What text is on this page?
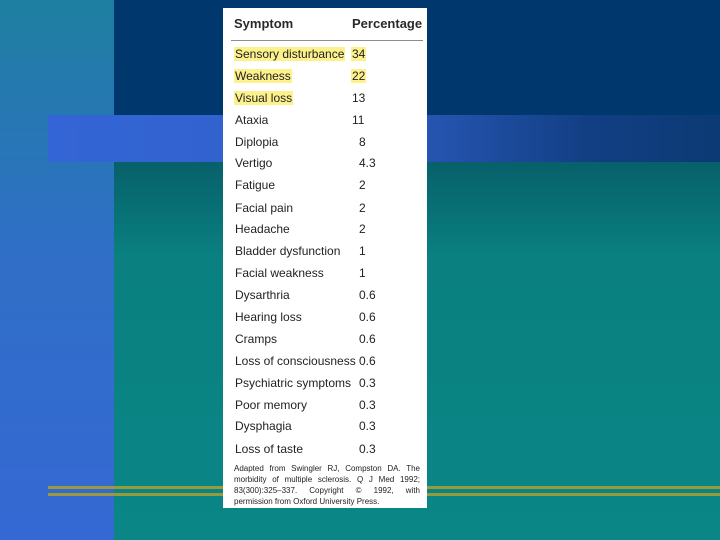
Symptom	Percentage
Sensory disturbance 34
Weakness	22
Visual loss	13
Ataxia	11
Diplopia	8
Vertigo	4.3
Fatigue	2
Facial pain	2
Headache	2
Bladder dysfunction 1
Facial weakness	1
Dysarthria	0.6
Hearing loss	0.6
Cramps	0.6
Loss of consciousness 0.6
Psychiatric symptoms 0.3
Poor memory	0.3
Dysphagia	0.3
Loss of taste	0.3
Adapted from Swingler RJ, Compston DA. The morbidity of multiple sclerosis. Q J Med 1992; 83(300):325–337. Copyright © 1992, with permission from Oxford University Press.
